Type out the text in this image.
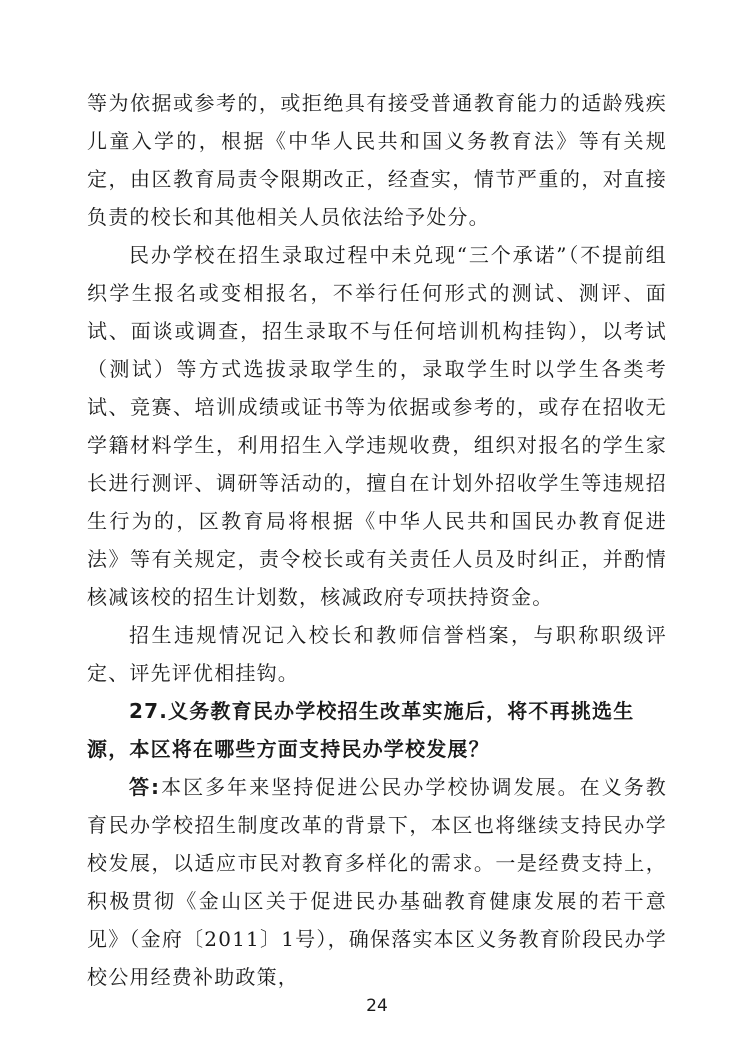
等为依据或参考的，或拒绝具有接受普通教育能力的适龄残疾儿童入学的，根据《中华人民共和国义务教育法》等有关规定，由区教育局责令限期改正，经查实，情节严重的，对直接负责的校长和其他相关人员依法给予处分。

民办学校在招生录取过程中未兑现“三个承诺”（不提前组织学生报名或变相报名，不举行任何形式的测试、测评、面试、面谈或调查，招生录取不与任何培训机构挂钩），以考试（测试）等方式选拔录取学生的，录取学生时以学生各类考试、竞赛、培训成绩或证书等为依据或参考的，或存在招收无学籍材料学生，利用招生入学违规收费，组织对报名的学生家长进行测评、调研等活动的，擅自在计划外招收学生等违规招生行为的，区教育局将根据《中华人民共和国民办教育促进法》等有关规定，责令校长或有关责任人员及时纠正，并酌情核减该校的招生计划数，核减政府专项扶持资金。

招生违规情况记入校长和教师信誉档案，与职称职级评定、评先评优相挂钩。

27.义务教育民办学校招生改革实施后，将不再挑选生源，本区将在哪些方面支持民办学校发展？

答:本区多年来坚持促进公民办学校协调发展。在义务教育民办学校招生制度改革的背景下，本区也将继续支持民办学校发展，以适应市民对教育多样化的需求。一是经费支持上，积极贯彻《金山区关于促进民办基础教育健康发展的若干意见》（金府〔2011〕1号），确保落实本区义务教育阶段民办学校公用经费补助政策，

24
